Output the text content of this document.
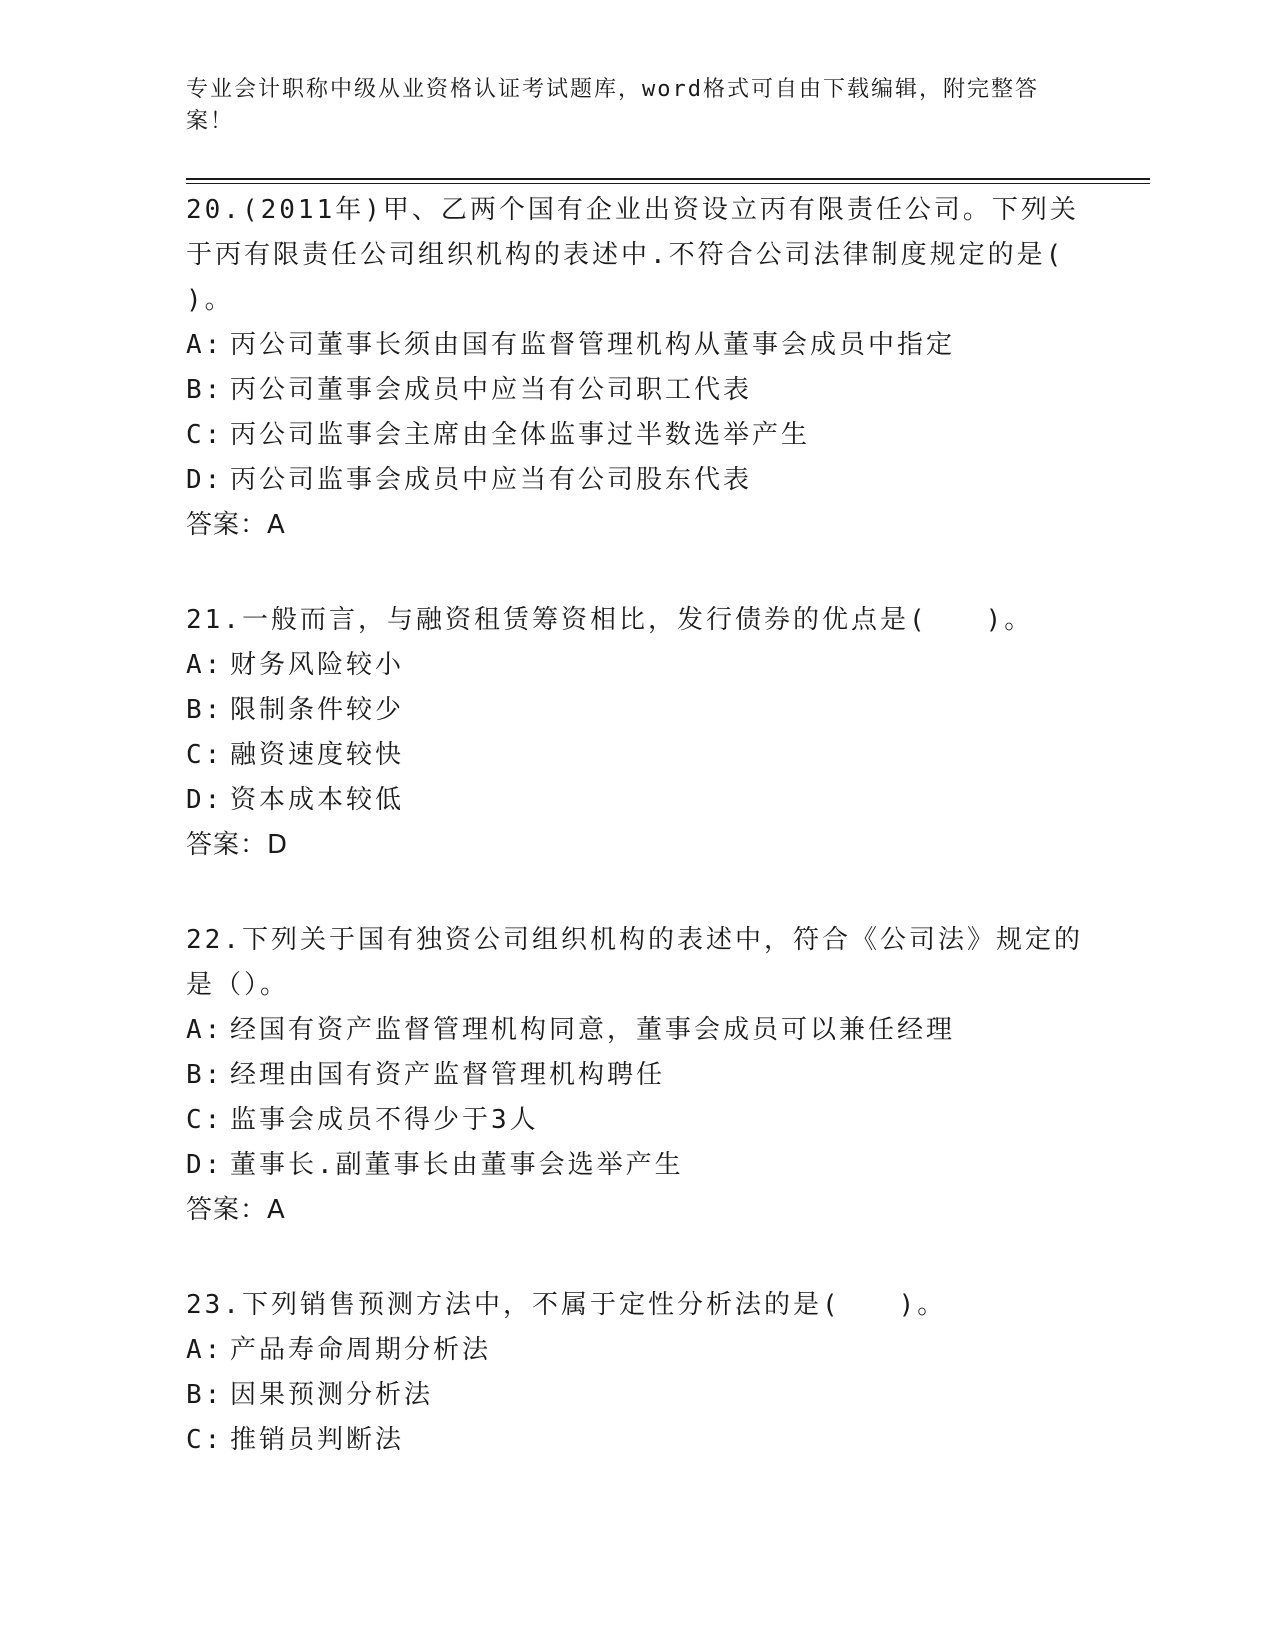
专业会计职称中级从业资格认证考试题库，word格式可自由下载编辑，附完整答案！

20.(2011年)甲、乙两个国有企业出资设立丙有限责任公司。下列关于丙有限责任公司组织机构的表述中.不符合公司法律制度规定的是( )。

A: 丙公司董事长须由国有监督管理机构从董事会成员中指定

B: 丙公司董事会成员中应当有公司职工代表

C: 丙公司监事会主席由全体监事过半数选举产生

D: 丙公司监事会成员中应当有公司股东代表

答案：A

21.一般而言，与融资租赁筹资相比，发行债券的优点是(　　)。

A: 财务风险较小

B: 限制条件较少

C: 融资速度较快

D: 资本成本较低

答案：D

22.下列关于国有独资公司组织机构的表述中，符合《公司法》规定的是（）。

A: 经国有资产监督管理机构同意，董事会成员可以兼任经理

B: 经理由国有资产监督管理机构聘任

C: 监事会成员不得少于3人

D: 董事长.副董事长由董事会选举产生

答案：A

23.下列销售预测方法中，不属于定性分析法的是(　　)。

A: 产品寿命周期分析法

B: 因果预测分析法

C: 推销员判断法
